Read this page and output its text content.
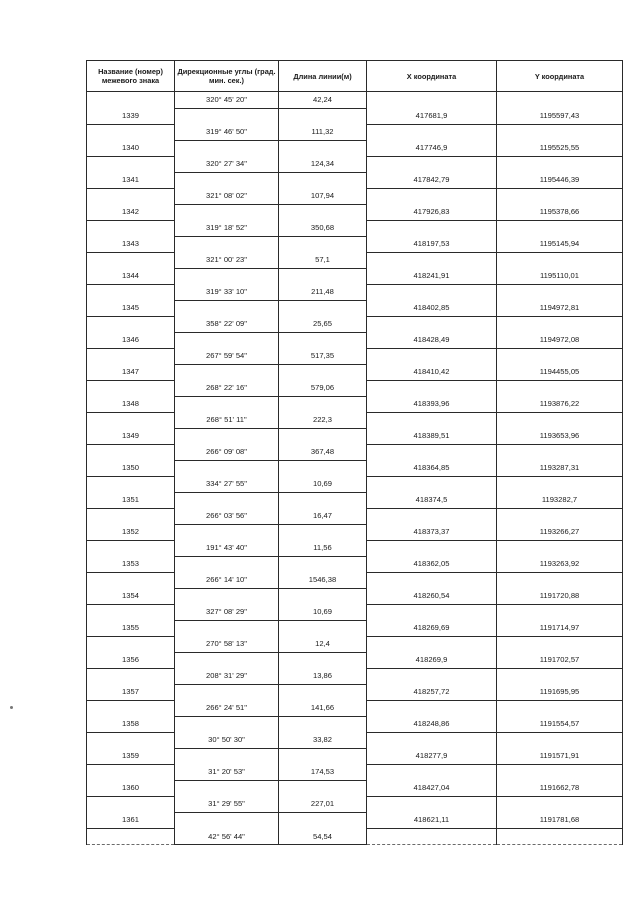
Название (номер) межевого знака	Дирекционные углы (град. мин. сек.)	Длина линии(м)	X координата	Y координата
	320° 45' 20"	42,24		
1339			417681,9	1195597,43
	319° 46' 50"	111,32		
1340			417746,9	1195525,55
	320° 27' 34"	124,34		
1341			417842,79	1195446,39
	321° 08' 02"	107,94		
1342			417926,83	1195378,66
	319° 18' 52"	350,68		
1343			418197,53	1195145,94
	321° 00' 23"	57,1		
1344			418241,91	1195110,01
	319° 33' 10"	211,48		
1345			418402,85	1194972,81
	358° 22' 09"	25,65		
1346			418428,49	1194972,08
	267° 59' 54"	517,35		
1347			418410,42	1194455,05
	268° 22' 16"	579,06		
1348			418393,96	1193876,22
	268° 51' 11"	222,3		
1349			418389,51	1193653,96
	266° 09' 08"	367,48		
1350			418364,85	1193287,31
	334° 27' 55"	10,69		
1351			418374,5	1193282,7
	266° 03' 56"	16,47		
1352			418373,37	1193266,27
	191° 43' 40"	11,56		
1353			418362,05	1193263,92
	266° 14' 10"	1546,38		
1354			418260,54	1191720,88
	327° 08' 29"	10,69		
1355			418269,69	1191714,97
	270° 58' 13"	12,4		
1356			418269,9	1191702,57
	208° 31' 29"	13,86		
1357			418257,72	1191695,95
	266° 24' 51"	141,66		
1358			418248,86	1191554,57
	30° 50' 30"	33,82		
1359			418277,9	1191571,91
	31° 20' 53"	174,53		
1360			418427,04	1191662,78
	31° 29' 55"	227,01		
1361			418621,11	1191781,68
	42° 56' 44"	54,54		
